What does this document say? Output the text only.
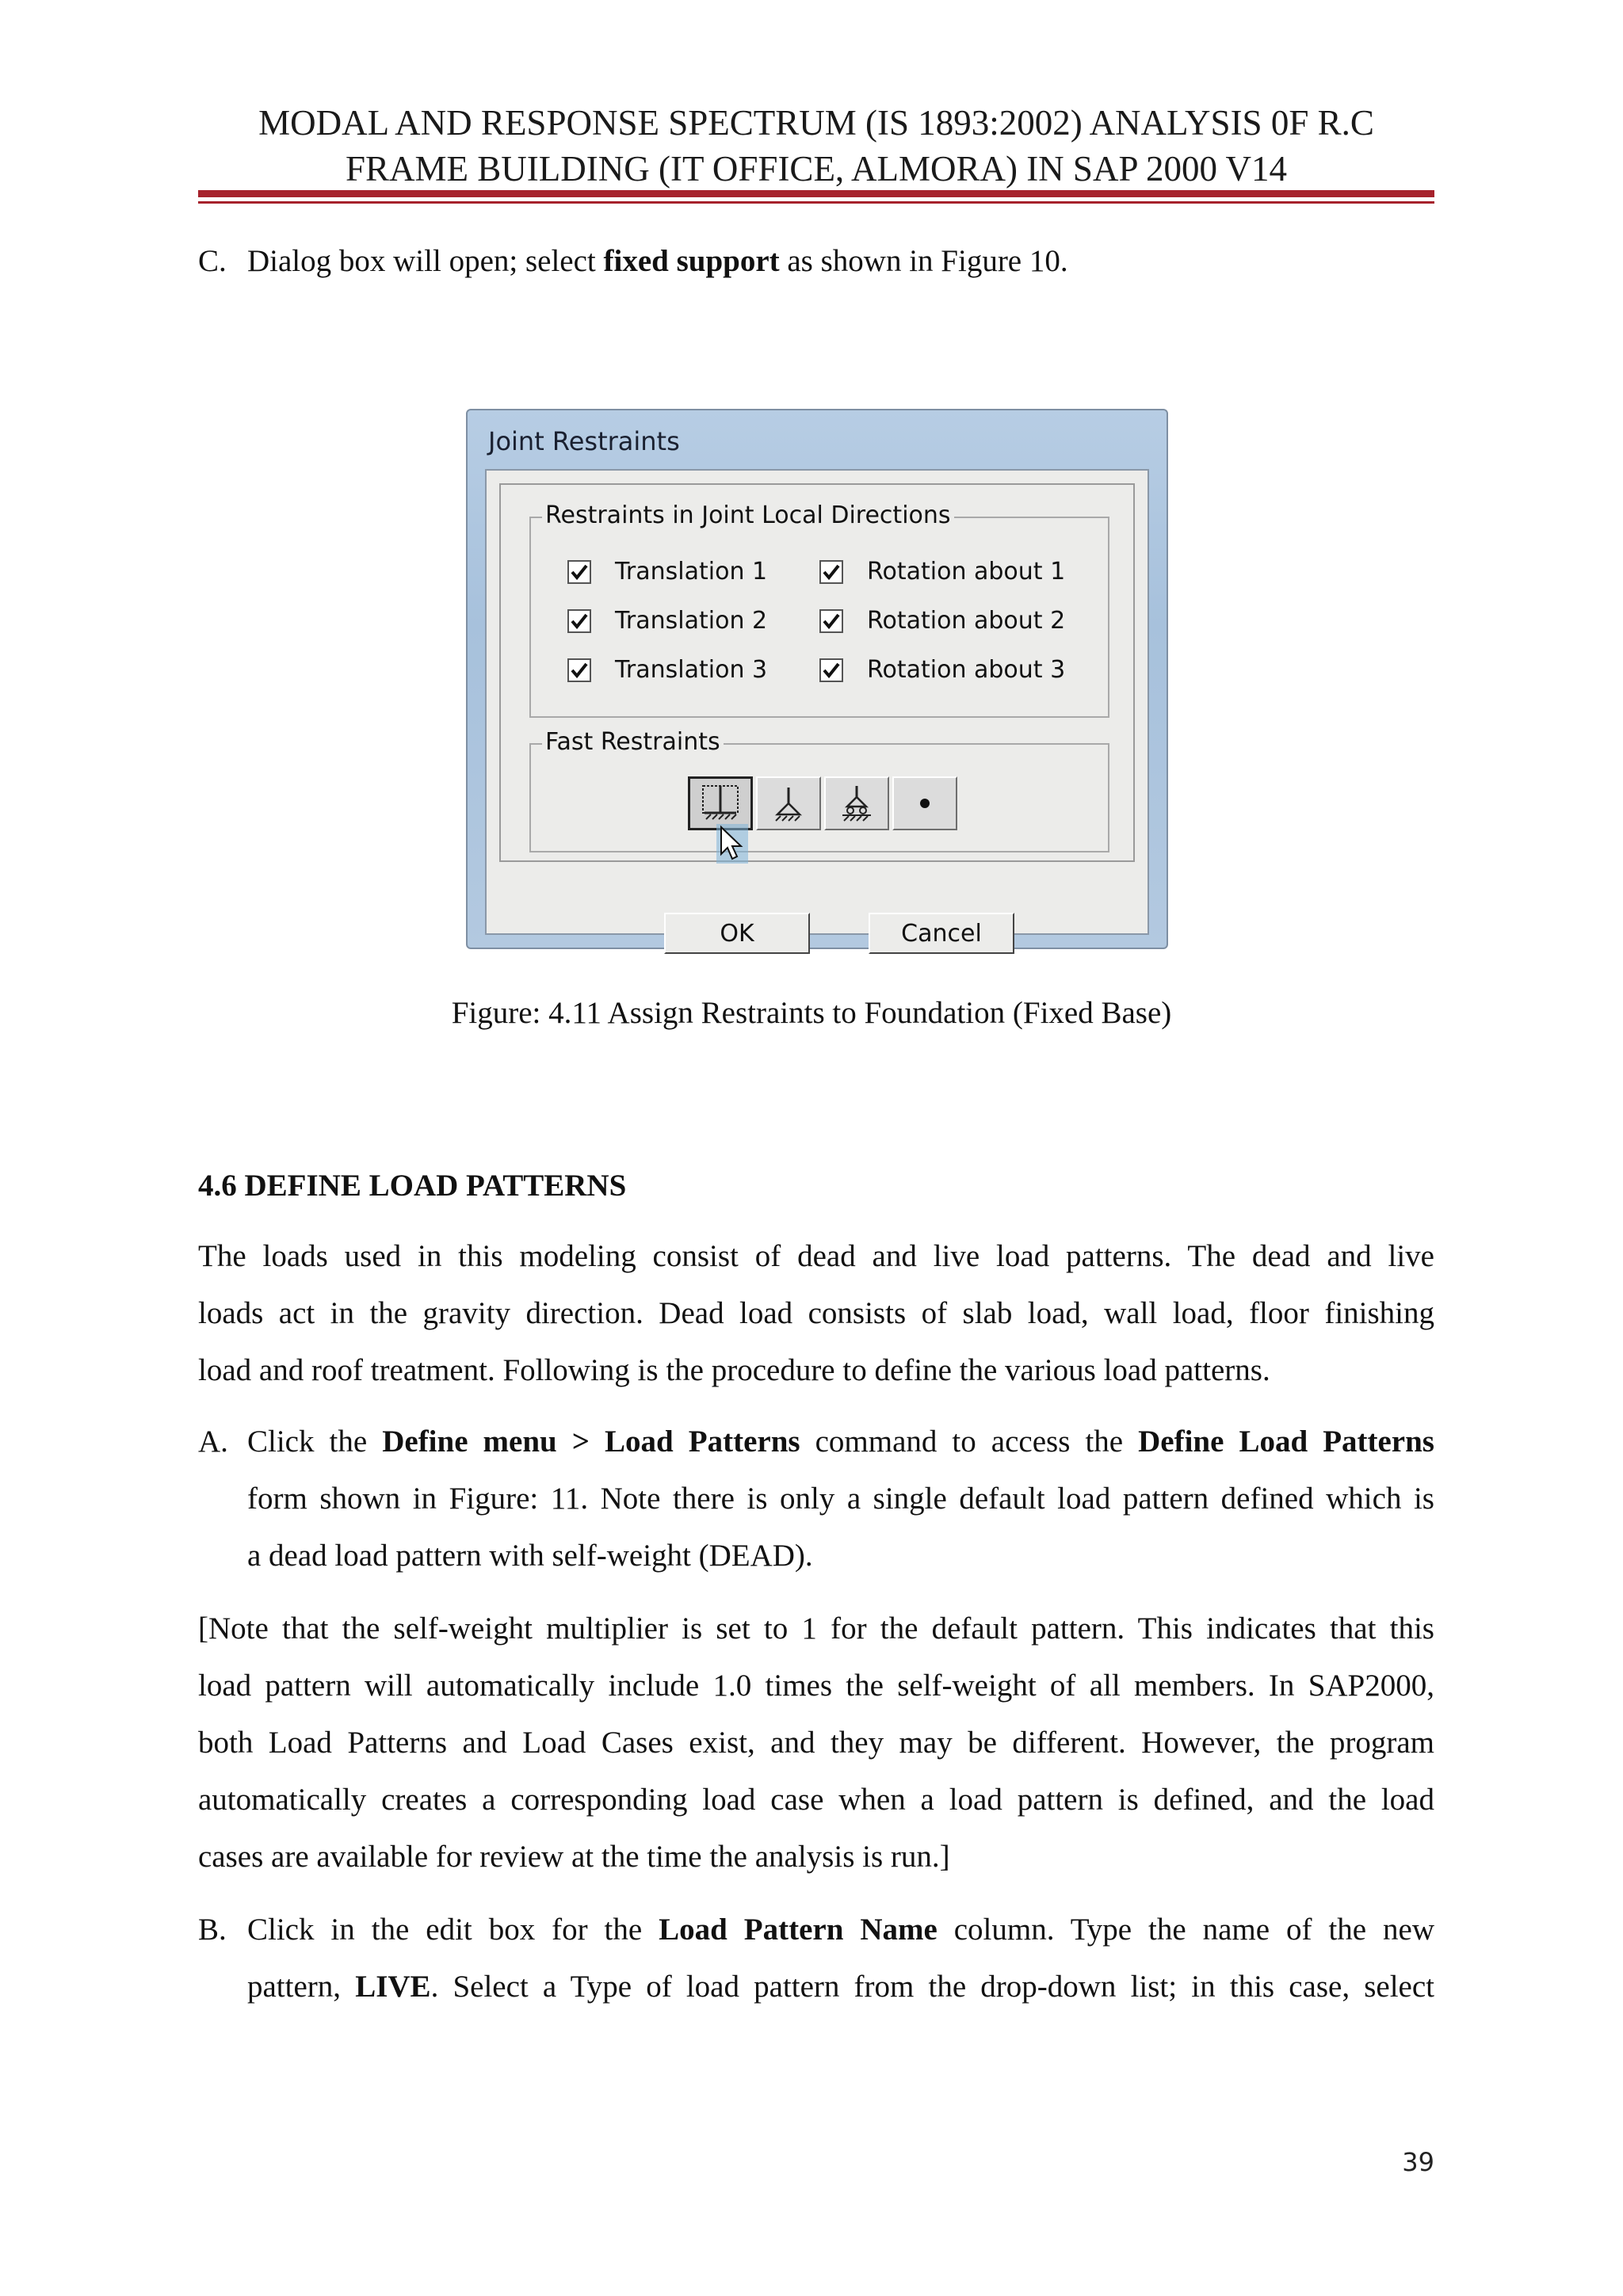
MODAL AND RESPONSE SPECTRUM (IS 1893:2002) ANALYSIS 0F R.C
FRAME BUILDING (IT OFFICE, ALMORA) IN SAP 2000 V14
C. Dialog box will open; select fixed support as shown in Figure 10.
Joint Restraints
Restraints in Joint Local Directions
Translation 1
Translation 2
Translation 3
Rotation about 1
Rotation about 2
Rotation about 3
Fast Restraints
OK	Cancel
Figure: 4.11 Assign Restraints to Foundation (Fixed Base)
4.6 DEFINE LOAD PATTERNS
The loads used in this modeling consist of dead and live load patterns. The dead and live
loads act in the gravity direction. Dead load consists of slab load, wall load, floor finishing
load and roof treatment. Following is the procedure to define the various load patterns.
A. Click the Define menu > Load Patterns command to access the Define Load Patterns
form shown in Figure: 11. Note there is only a single default load pattern defined which is
a dead load pattern with self-weight (DEAD).
[Note that the self-weight multiplier is set to 1 for the default pattern. This indicates that this
load pattern will automatically include 1.0 times the self-weight of all members. In SAP2000,
both Load Patterns and Load Cases exist, and they may be different. However, the program
automatically creates a corresponding load case when a load pattern is defined, and the load
cases are available for review at the time the analysis is run.]
B. Click in the edit box for the Load Pattern Name column. Type the name of the new
pattern, LIVE. Select a Type of load pattern from the drop-down list; in this case, select
39
